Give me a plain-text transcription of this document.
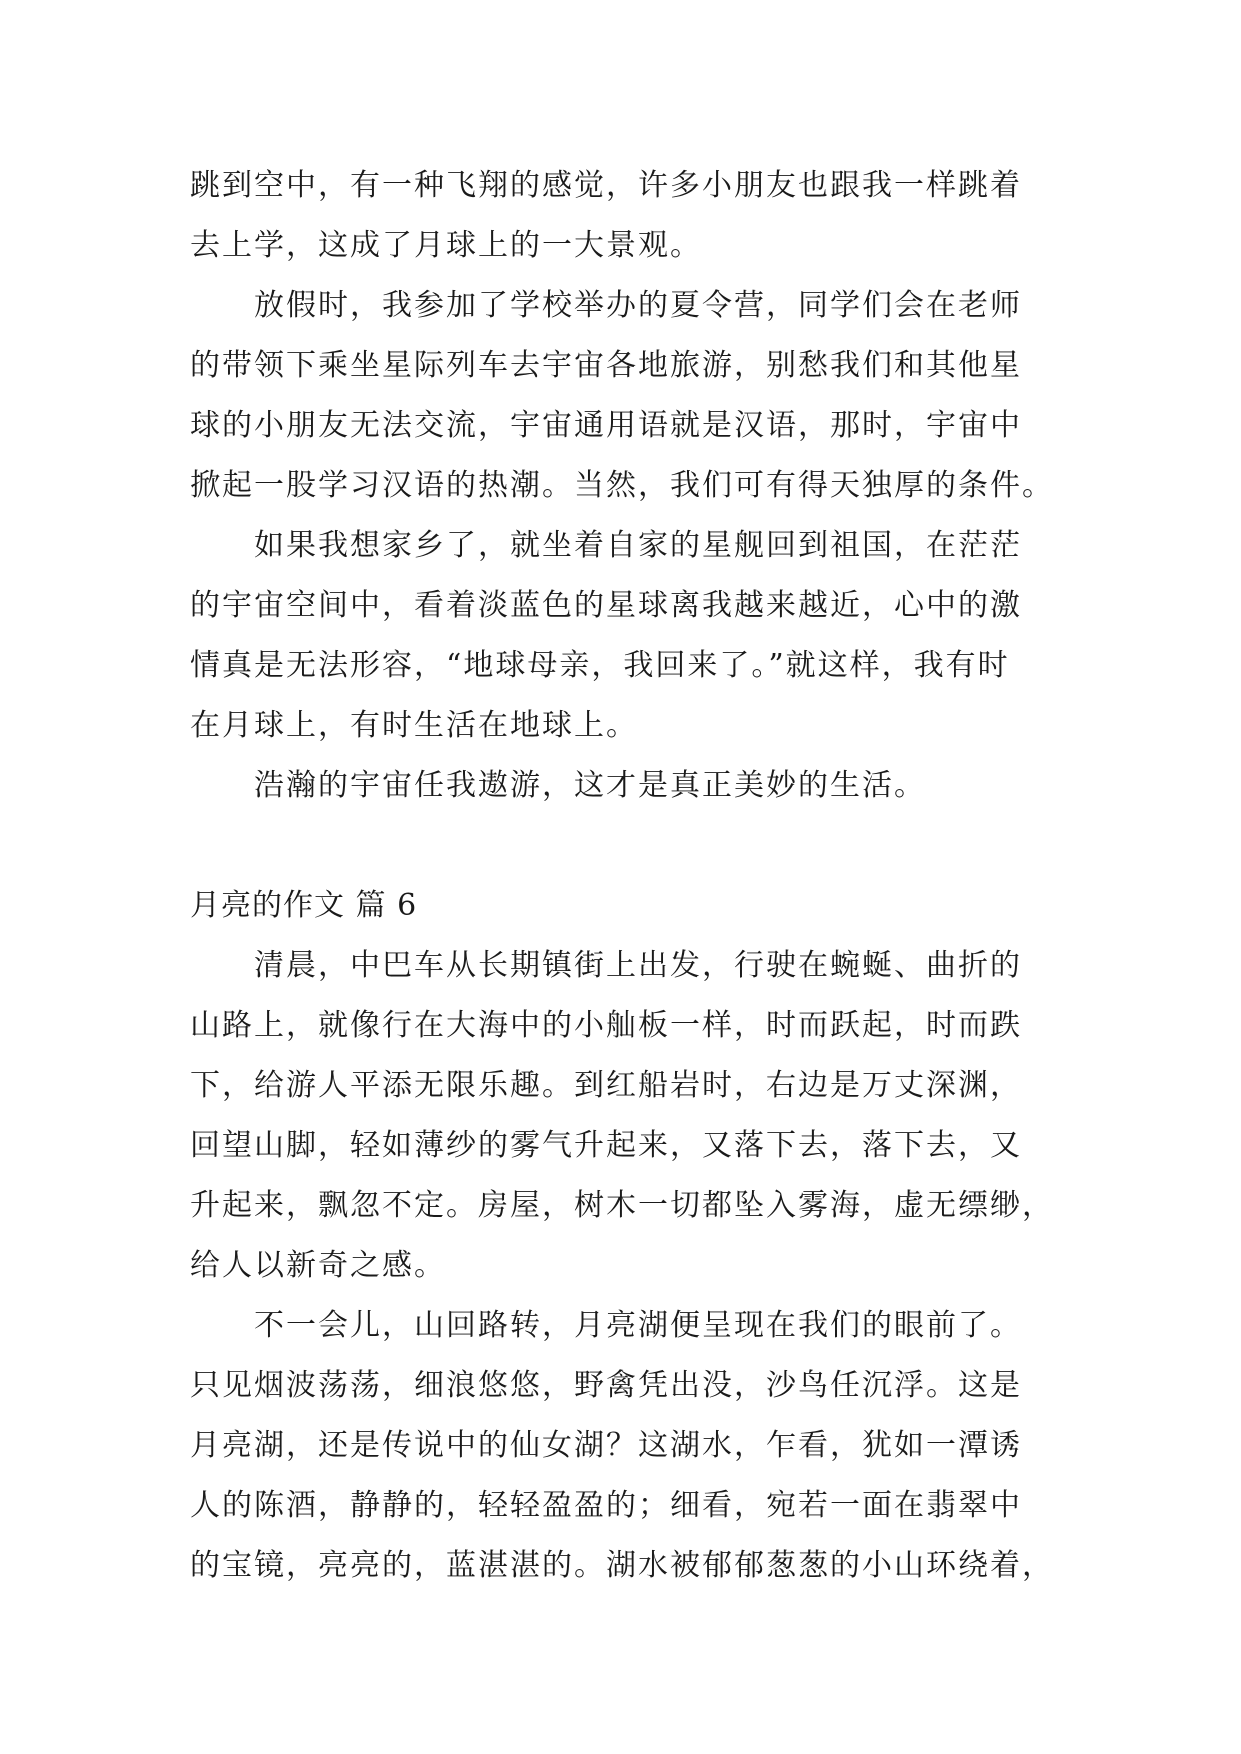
跳到空中，有一种飞翔的感觉，许多小朋友也跟我一样跳着
去上学，这成了月球上的一大景观。
放假时，我参加了学校举办的夏令营，同学们会在老师
的带领下乘坐星际列车去宇宙各地旅游，别愁我们和其他星
球的小朋友无法交流，宇宙通用语就是汉语，那时，宇宙中
掀起一股学习汉语的热潮。当然，我们可有得天独厚的条件。
如果我想家乡了，就坐着自家的星舰回到祖国，在茫茫
的宇宙空间中，看着淡蓝色的星球离我越来越近，心中的激
情真是无法形容，“地球母亲，我回来了。”就这样，我有时
在月球上，有时生活在地球上。
浩瀚的宇宙任我遨游，这才是真正美妙的生活。
月亮的作文 篇 6
清晨，中巴车从长期镇街上出发，行驶在蜿蜒、曲折的
山路上，就像行在大海中的小舢板一样，时而跃起，时而跌
下，给游人平添无限乐趣。到红船岩时，右边是万丈深渊，
回望山脚，轻如薄纱的雾气升起来，又落下去，落下去，又
升起来，飘忽不定。房屋，树木一切都坠入雾海，虚无缥缈，
给人以新奇之感。
不一会儿，山回路转，月亮湖便呈现在我们的眼前了。
只见烟波荡荡，细浪悠悠，野禽凭出没，沙鸟任沉浮。这是
月亮湖，还是传说中的仙女湖？这湖水，乍看，犹如一潭诱
人的陈酒，静静的，轻轻盈盈的；细看，宛若一面在翡翠中
的宝镜，亮亮的，蓝湛湛的。湖水被郁郁葱葱的小山环绕着，
